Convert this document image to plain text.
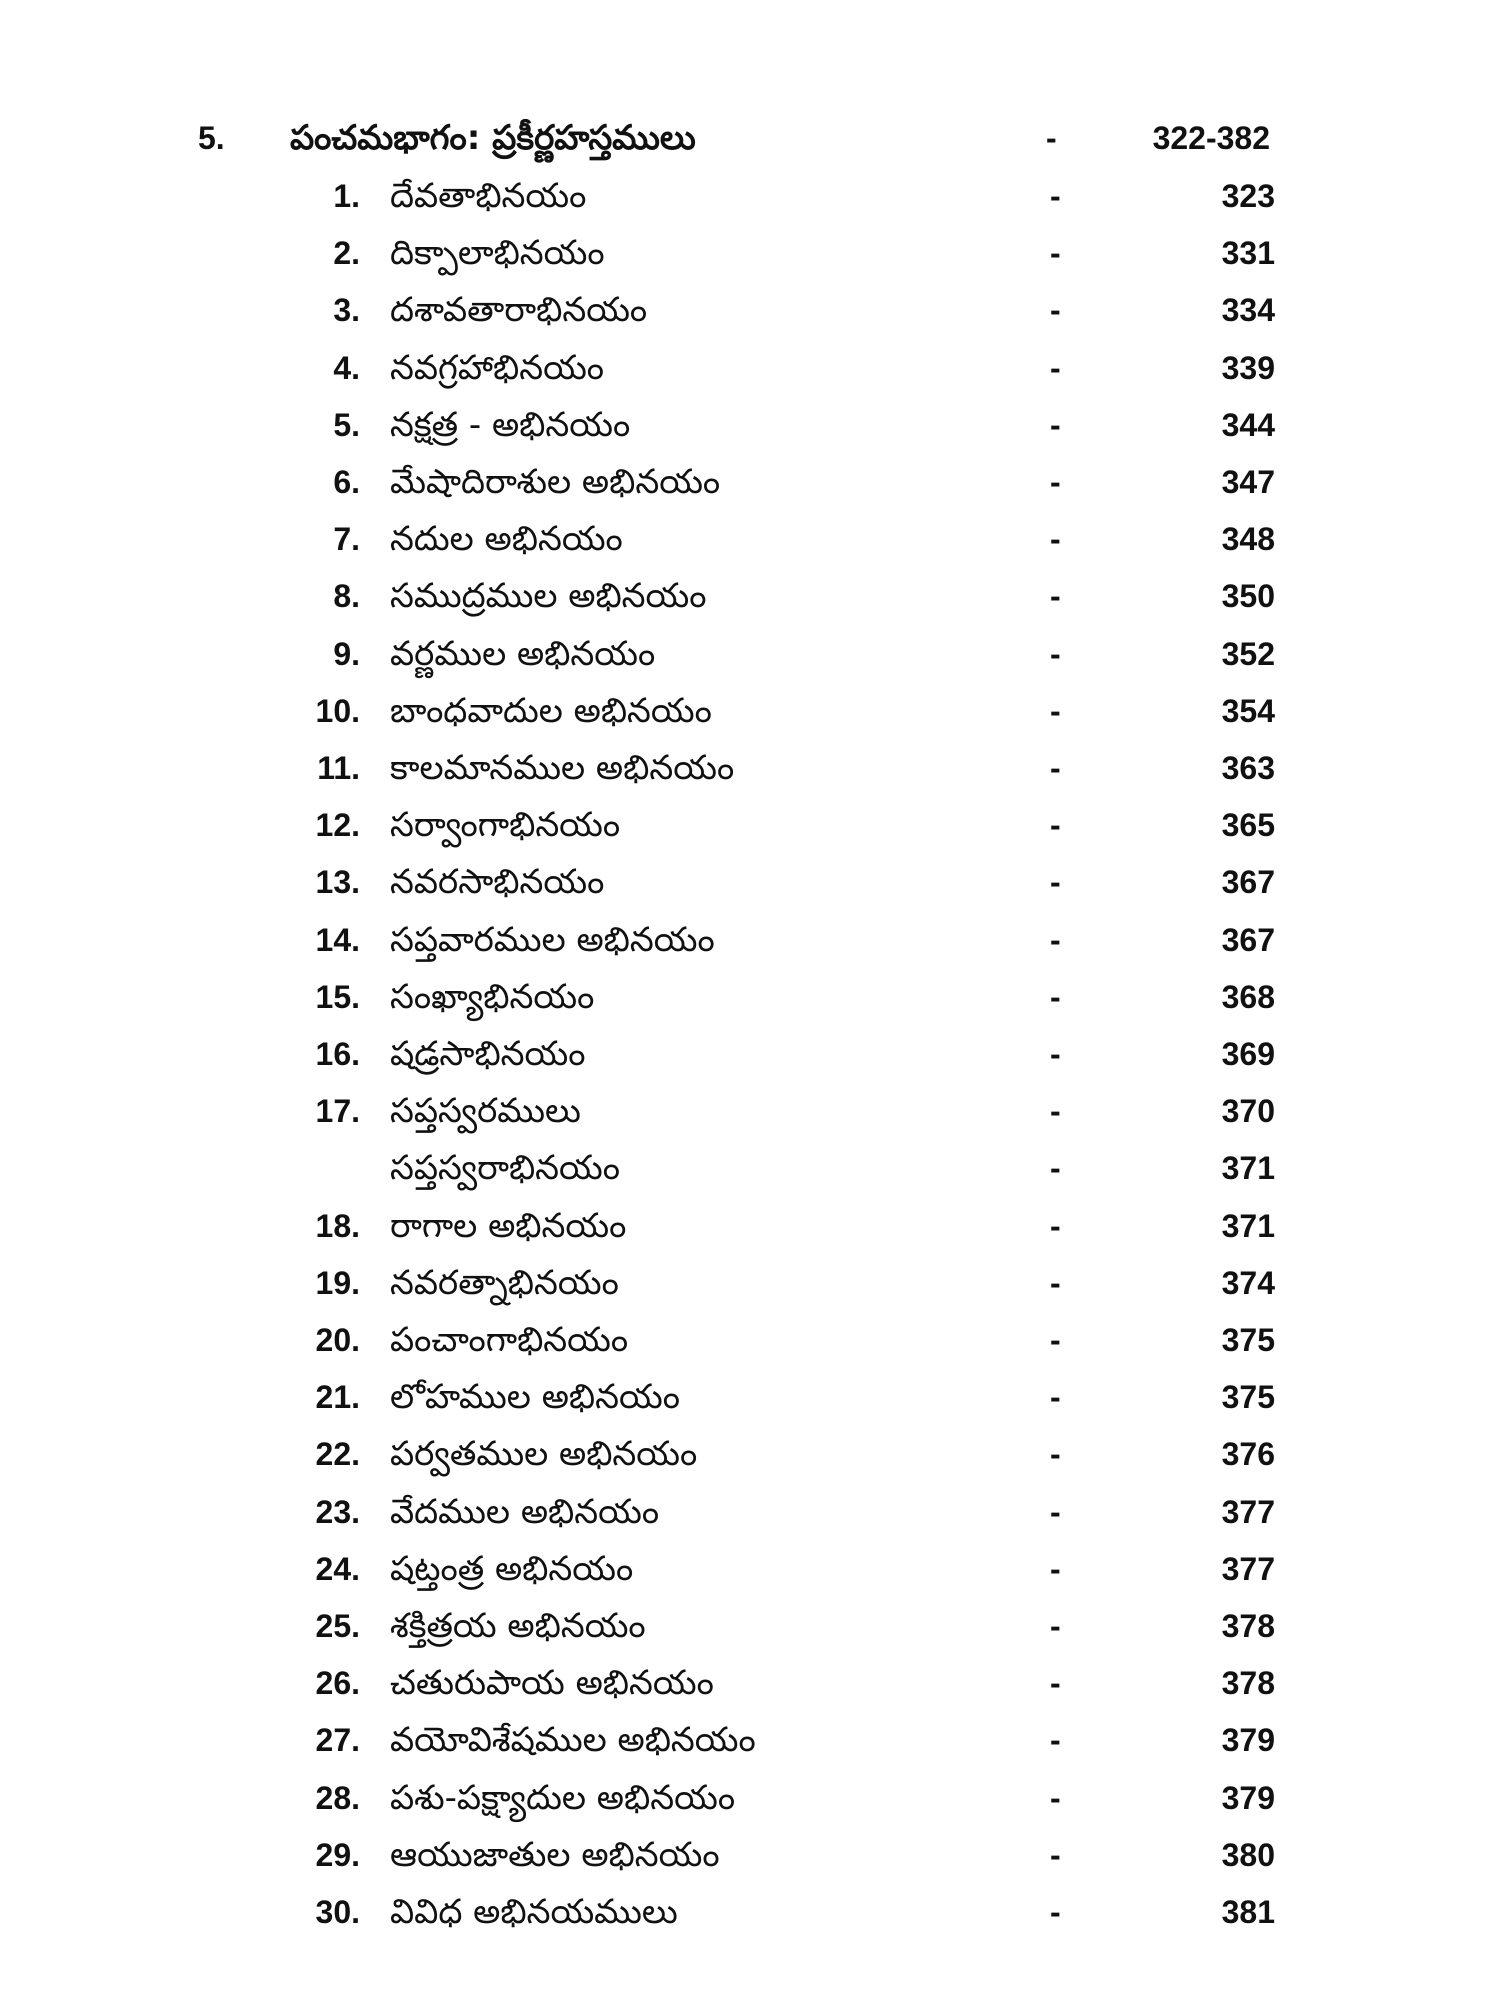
5.	పంచమభాగం: ప్రకీర్ణహస్తములు	-	322-382
1. దేవతాభినయం	-	323
2. దిక్పాలాభినయం	-	331
3. దశావతారాభినయం	-	334
4. నవగ్రహాభినయం	-	339
5. నక్షత్ర - అభినయం	-	344
6. మేషాదిరాశుల అభినయం	-	347
7. నదుల అభినయం	-	348
8. సముద్రముల అభినయం	-	350
9. వర్ణముల అభినయం	-	352
10. బాంధవాదుల అభినయం	-	354
11. కాలమానముల అభినయం	-	363
12. సర్వాంగాభినయం	-	365
13. నవరసాభినయం	-	367
14. సప్తవారముల అభినయం	-	367
15. సంఖ్యాభినయం	-	368
16. షడ్రసాభినయం	-	369
17. సప్తస్వరములు	-	370
సప్తస్వరాభినయం	-	371
18. రాగాల అభినయం	-	371
19. నవరత్నాభినయం	-	374
20. పంచాంగాభినయం	-	375
21. లోహముల అభినయం	-	375
22. పర్వతముల అభినయం	-	376
23. వేదముల అభినయం	-	377
24. షట్తంత్ర అభినయం	-	377
25. శక్తిత్రయ అభినయం	-	378
26. చతురుపాయ అభినయం	-	378
27. వయోవిశేషముల అభినయం	-	379
28. పశు-పక్ష్యాదుల అభినయం	-	379
29. ఆయుజాతుల అభినయం	-	380
30. వివిధ అభినయములు	-	381
